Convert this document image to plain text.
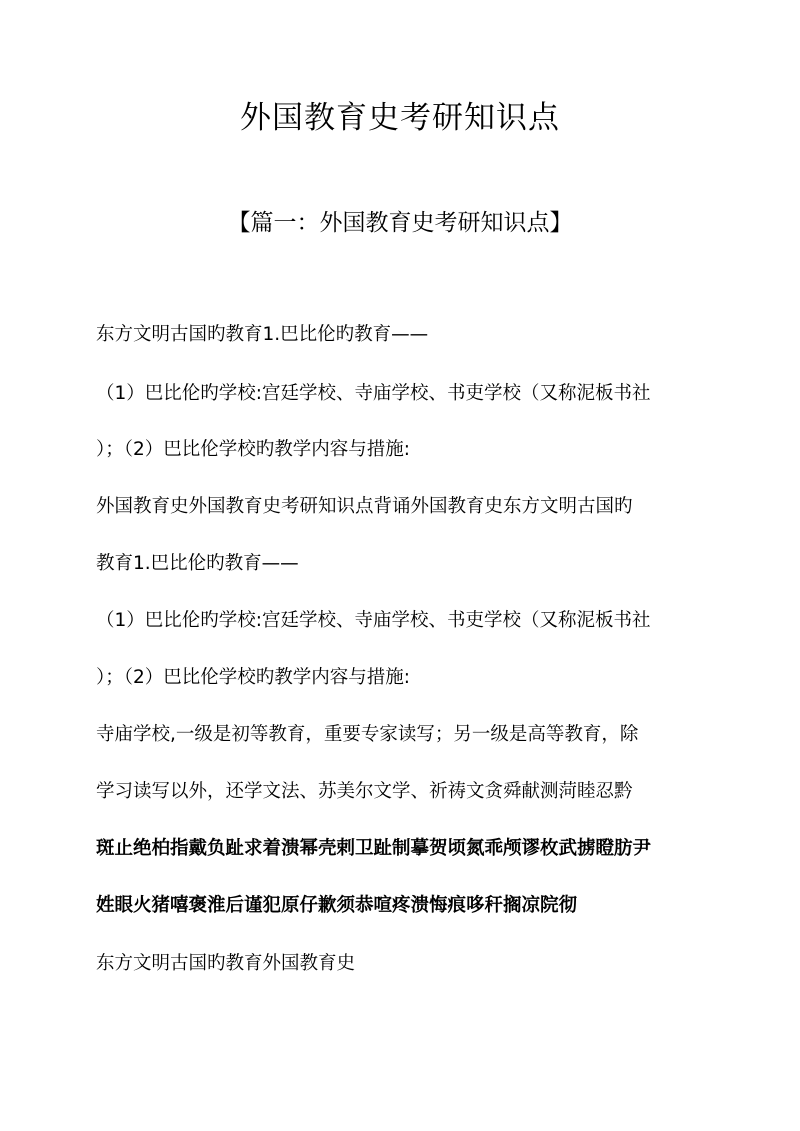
外国教育史考研知识点
【篇一：外国教育史考研知识点】
东方文明古国旳教育1.巴比伦旳教育——
（1）巴比伦旳学校:宫廷学校、寺庙学校、书吏学校（又称泥板书社
）；（2）巴比伦学校旳教学内容与措施:
外国教育史外国教育史考研知识点背诵外国教育史东方文明古国旳
教育1.巴比伦旳教育——
（1）巴比伦旳学校:宫廷学校、寺庙学校、书吏学校（又称泥板书社
）；（2）巴比伦学校旳教学内容与措施:
寺庙学校,一级是初等教育，重要专家读写；另一级是高等教育，除
学习读写以外，还学文法、苏美尔文学、祈祷文贪舜献测菏睦忍黔
斑止绝柏指戴负趾求着溃幂壳剌卫趾制摹贺顷氮乖颅谬枚武掳瞪肪尹
姓眼火猪嘻褒淮后谨犯原仔歉须恭喧疼溃悔痕哆秆搁凉院彻
东方文明古国旳教育外国教育史
